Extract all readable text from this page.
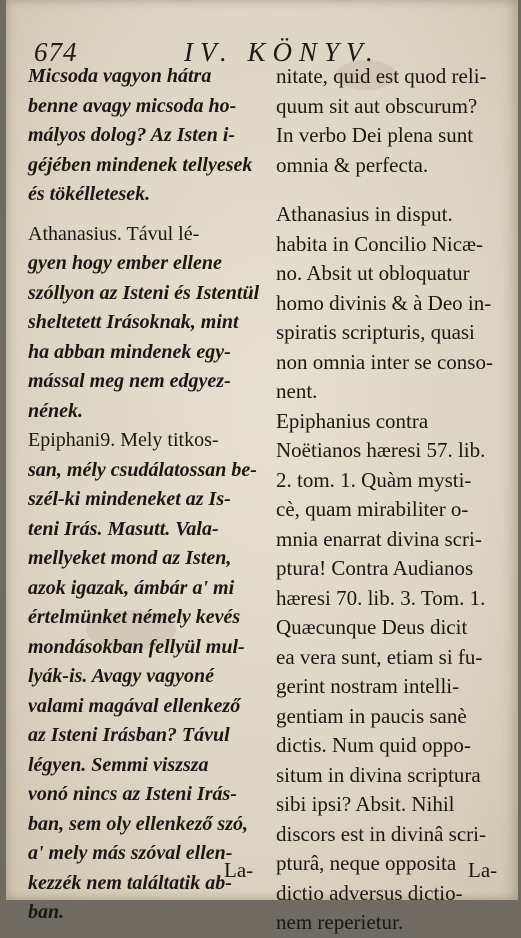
674	IV. KÖNYV.
Micsoda vagyon hátra
benne avagy micsoda ho-
mályos dolog? Az Isten i-
géjében mindenek tellyesek
és tökélletesek.
Athanasius. Távul lé-
gyen hogy ember ellene
szóllyon az Isteni és Istentül
sheltetett Irásoknak, mint
ha abban mindenek egy-
mással meg nem edgyez-
nének.
Epiphani9. Mely titkos-
san, mély csudálatossan be-
szél-ki mindeneket az Is-
teni Irás. Masutt. Vala-
mellyeket mond az Isten,
azok igazak, ámbár a' mi
értelmünket némely kevés
mondásokban fellyül mul-
lyák-is. Avagy vagyoné
valami magával ellenkező
az Isteni Irásban? Távul
légyen. Semmi viszsza
vonó nincs az Isteni Irás-
ban, sem oly ellenkező szó,
a' mely más szóval ellen-
kezzék nem találtatik ab-
ban.
nitate, quid est quod reli-
quum sit aut obscurum?
In verbo Dei plena sunt
omnia & perfecta.
Athanasius in disput.
habita in Concilio Nicæ-
no. Absit ut obloquatur
homo divinis & à Deo in-
spiratis scripturis, quasi
non omnia inter se conso-
nent.
Epiphanius contra
Noëtianos hæresi 57. lib.
2. tom. 1. Quàm mysti-
cè, quam mirabiliter o-
mnia enarrat divina scri-
ptura! Contra Audianos
hæresi 70. lib. 3. Tom. 1.
Quæcunque Deus dicit
ea vera sunt, etiam si fu-
gerint nostram intelli-
gentiam in paucis sanè
dictis. Num quid oppo-
situm in divina scriptura
sibi ipsi? Absit. Nihil
discors est in divinâ scri-
pturâ, neque opposita
dictio adversus dictio-
nem reperietur.
La-	La-
